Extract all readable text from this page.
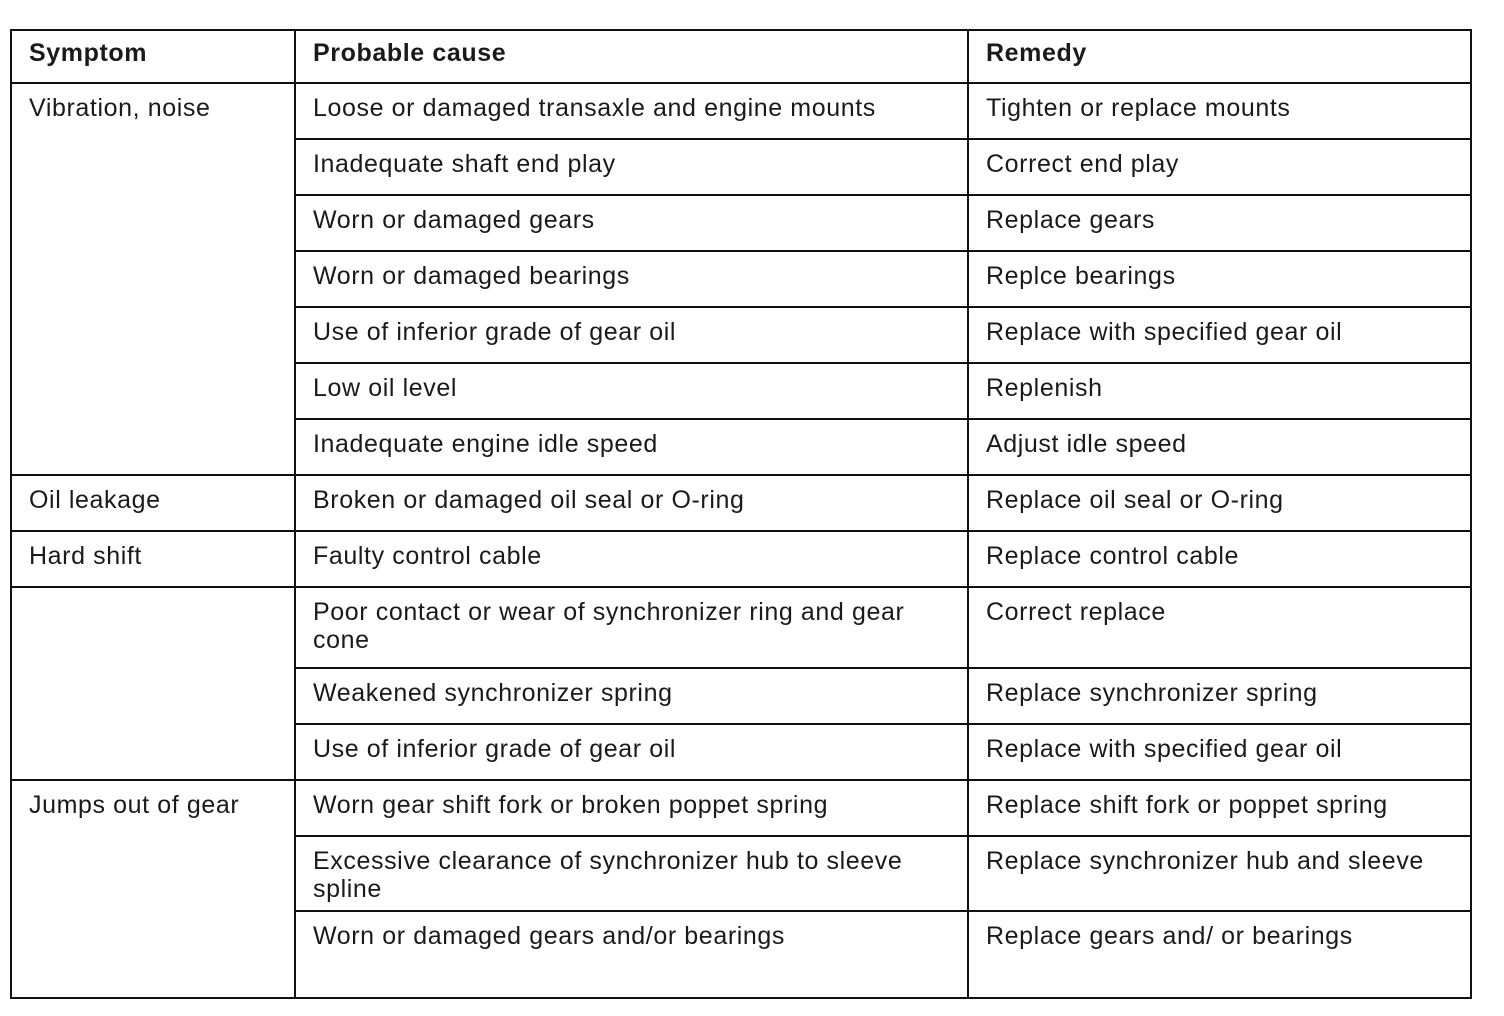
Symptom	Probable cause	Remedy
Vibration, noise	Loose or damaged transaxle and engine mounts	Tighten or replace mounts
	Inadequate shaft end play	Correct end play
	Worn or damaged gears	Replace gears
	Worn or damaged bearings	Replce bearings
	Use of inferior grade of gear oil	Replace with specified gear oil
	Low oil level	Replenish
	Inadequate engine idle speed	Adjust idle speed
Oil leakage	Broken or damaged oil seal or O-ring	Replace oil seal or O-ring
Hard shift	Faulty control cable	Replace control cable
	Poor contact or wear of synchronizer ring and gear cone	Correct replace
	Weakened synchronizer spring	Replace synchronizer spring
	Use of inferior grade of gear oil	Replace with specified gear oil
Jumps out of gear	Worn gear shift fork or broken poppet spring	Replace shift fork or poppet spring
	Excessive clearance of synchronizer hub to sleeve spline	Replace synchronizer hub and sleeve
	Worn or damaged gears and/or bearings	Replace gears and/ or bearings
